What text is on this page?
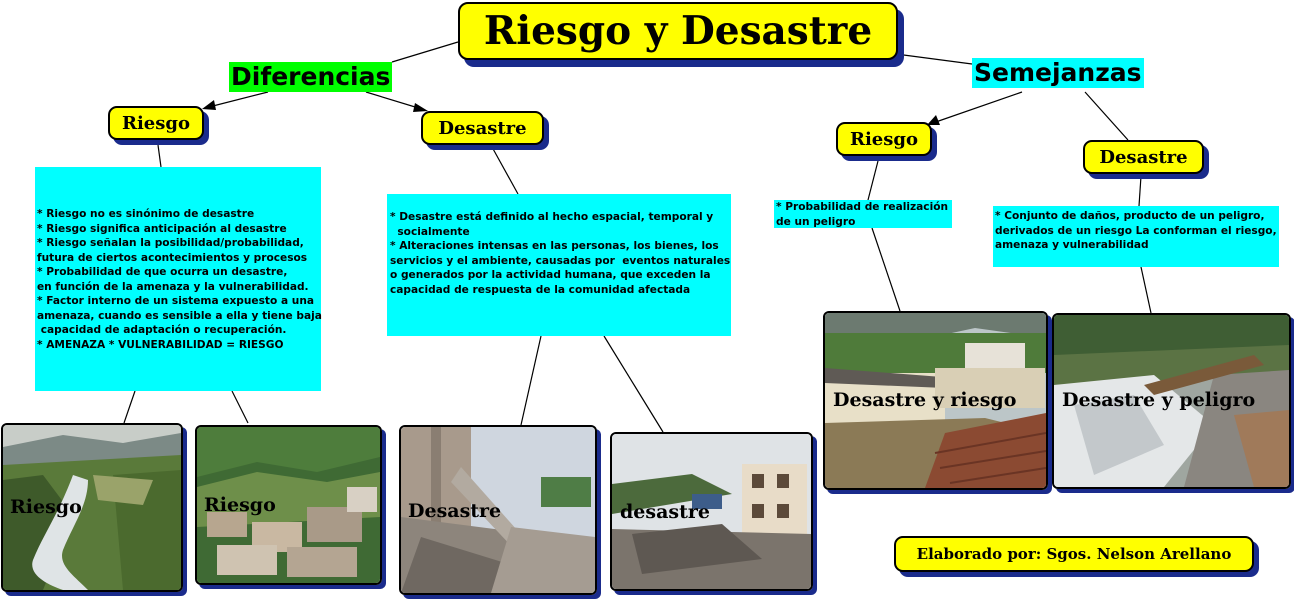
Riesgo y Desastre
Diferencias	Semejanzas
Riesgo	Desastre
Riesgo
Desastre
* Riesgo no es sinónimo de desastre
* Riesgo significa anticipación al desastre
* Riesgo señalan la posibilidad/probabilidad,
futura de ciertos acontecimientos y procesos
* Probabilidad de que ocurra un desastre,
en función de la amenaza y la vulnerabilidad.
* Factor interno de un sistema expuesto a una
amenaza, cuando es sensible a ella y tiene baja
capacidad de adaptación o recuperación.
* AMENAZA * VULNERABILIDAD = RIESGO
* Desastre está definido al hecho espacial, temporal y
socialmente
* Alteraciones intensas en las personas, los bienes, los
servicios y el ambiente, causadas por  eventos naturales
o generados por la actividad humana, que exceden la
capacidad de respuesta de la comunidad afectada
* Probabilidad de realización
de un peligro	* Conjunto de daños, producto de un peligro,
derivados de un riesgo La conforman el riesgo,
amenaza y vulnerabilidad
Riesgo	Riesgo	Desastre	desastre
Desastre y riesgo Desastre y peligro
Elaborado por: Sgos. Nelson Arellano
